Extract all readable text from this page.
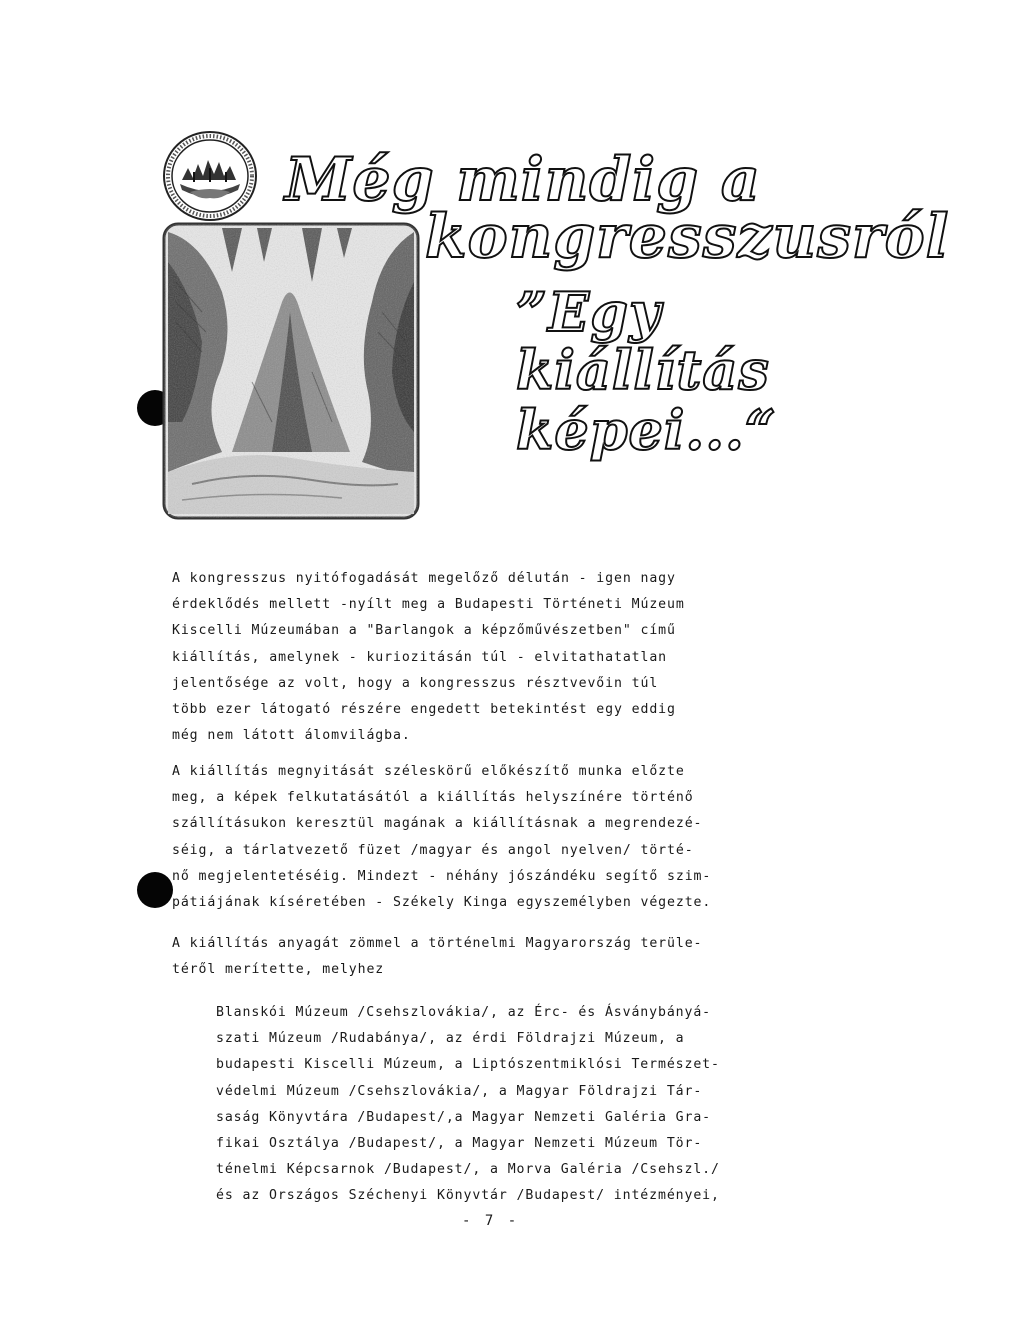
Még mindig a
kongresszusról
”Egy
kiállítás
képei...“
A kongresszus nyitófogadását megelőző délután - igen nagy
érdeklődés mellett -nyílt meg a Budapesti Történeti Múzeum
Kiscelli Múzeumában a "Barlangok a képzőművészetben" című
kiállítás, amelynek - kuriozitásán túl - elvitathatatlan
jelentősége az volt, hogy a kongresszus résztvevőin túl
több ezer látogató részére engedett betekintést egy eddig
még nem látott álomvilágba.
A kiállítás megnyitását széleskörű előkészítő munka előzte
meg, a képek felkutatásától a kiállítás helyszínére történő
szállításukon keresztül magának a kiállításnak a megrendezé-
séig, a tárlatvezető füzet /magyar és angol nyelven/ törté-
nő megjelentetéséig. Mindezt - néhány jószándéku segítő szim-
pátiájának kíséretében - Székely Kinga egyszemélyben végezte.
A kiállítás anyagát zömmel a történelmi Magyarország terüle-
téről merítette, melyhez
Blanskói Múzeum /Csehszlovákia/, az Érc- és Ásványbányá-
szati Múzeum /Rudabánya/, az érdi Földrajzi Múzeum, a
budapesti Kiscelli Múzeum, a Liptószentmiklósi Természet-
védelmi Múzeum /Csehszlovákia/, a Magyar Földrajzi Tár-
saság Könyvtára /Budapest/,a Magyar Nemzeti Galéria Gra-
fikai Osztálya /Budapest/, a Magyar Nemzeti Múzeum Tör-
ténelmi Képcsarnok /Budapest/, a Morva Galéria /Csehszl./
és az Országos Széchenyi Könyvtár /Budapest/ intézményei,
- 7 -
